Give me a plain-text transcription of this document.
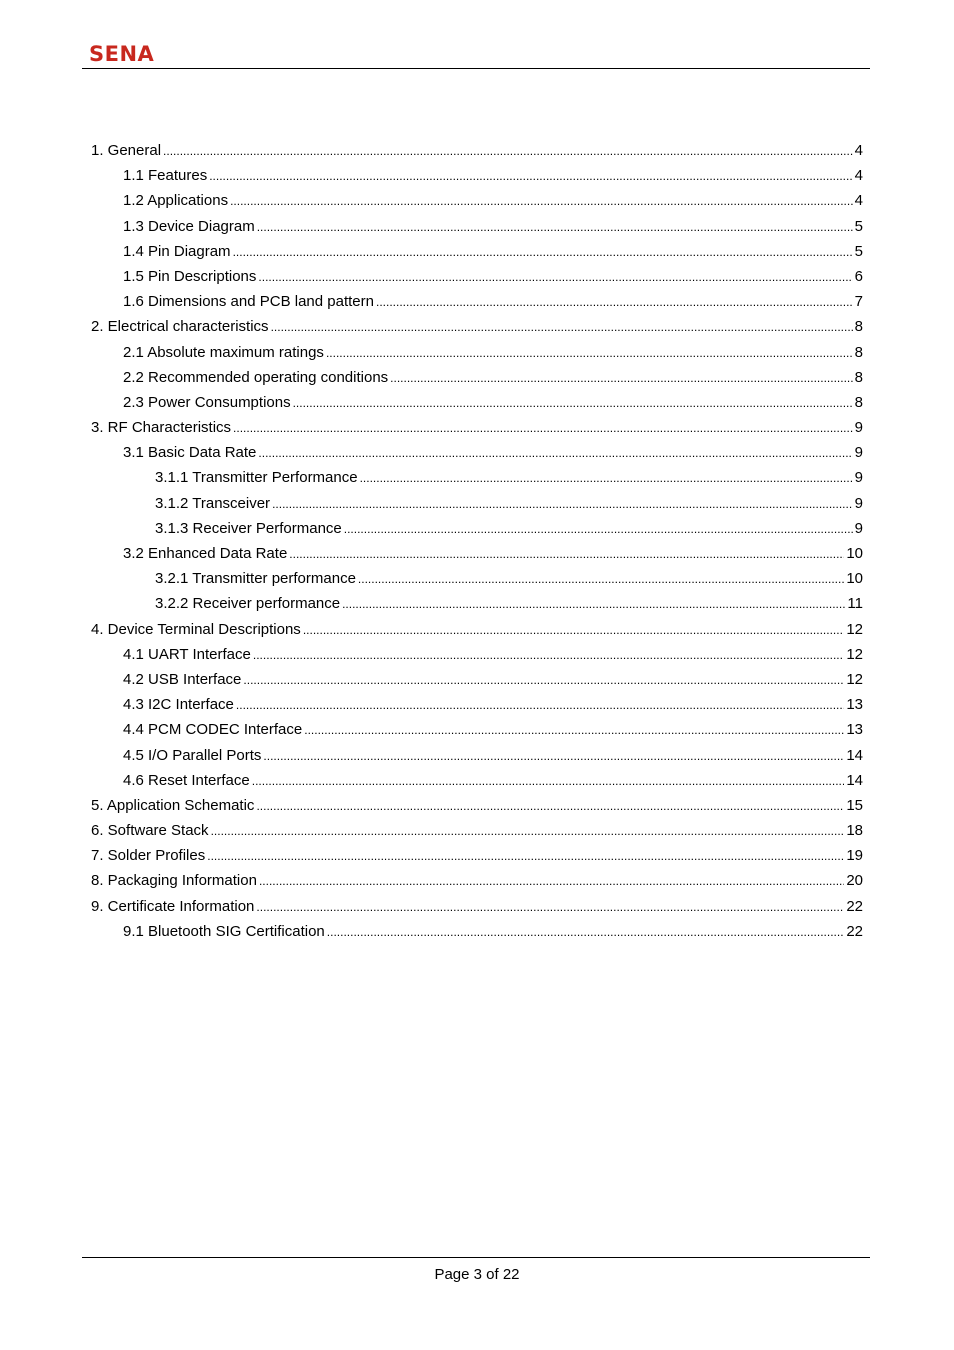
SENA
1. General .....	4
1.1 Features .....	4
1.2 Applications .....	4
1.3 Device Diagram .....	5
1.4 Pin Diagram .....	5
1.5 Pin Descriptions .....	6
1.6 Dimensions and PCB land pattern .....	7
2. Electrical characteristics .....	8
2.1 Absolute maximum ratings .....	8
2.2 Recommended operating conditions .....	8
2.3 Power Consumptions .....	8
3. RF Characteristics .....	9
3.1 Basic Data Rate .....	9
3.1.1 Transmitter Performance .....	9
3.1.2 Transceiver .....	9
3.1.3 Receiver Performance .....	9
3.2 Enhanced Data Rate .....	10
3.2.1 Transmitter performance .....	10
3.2.2 Receiver performance .....	11
4. Device Terminal Descriptions .....	12
4.1 UART Interface .....	12
4.2 USB Interface .....	12
4.3 I2C Interface .....	13
4.4 PCM CODEC Interface .....	13
4.5 I/O Parallel Ports .....	14
4.6 Reset Interface .....	14
5. Application Schematic .....	15
6. Software Stack .....	18
7. Solder Profiles .....	19
8. Packaging Information .....	20
9. Certificate Information .....	22
9.1 Bluetooth SIG Certification .....	22
Page 3 of 22
